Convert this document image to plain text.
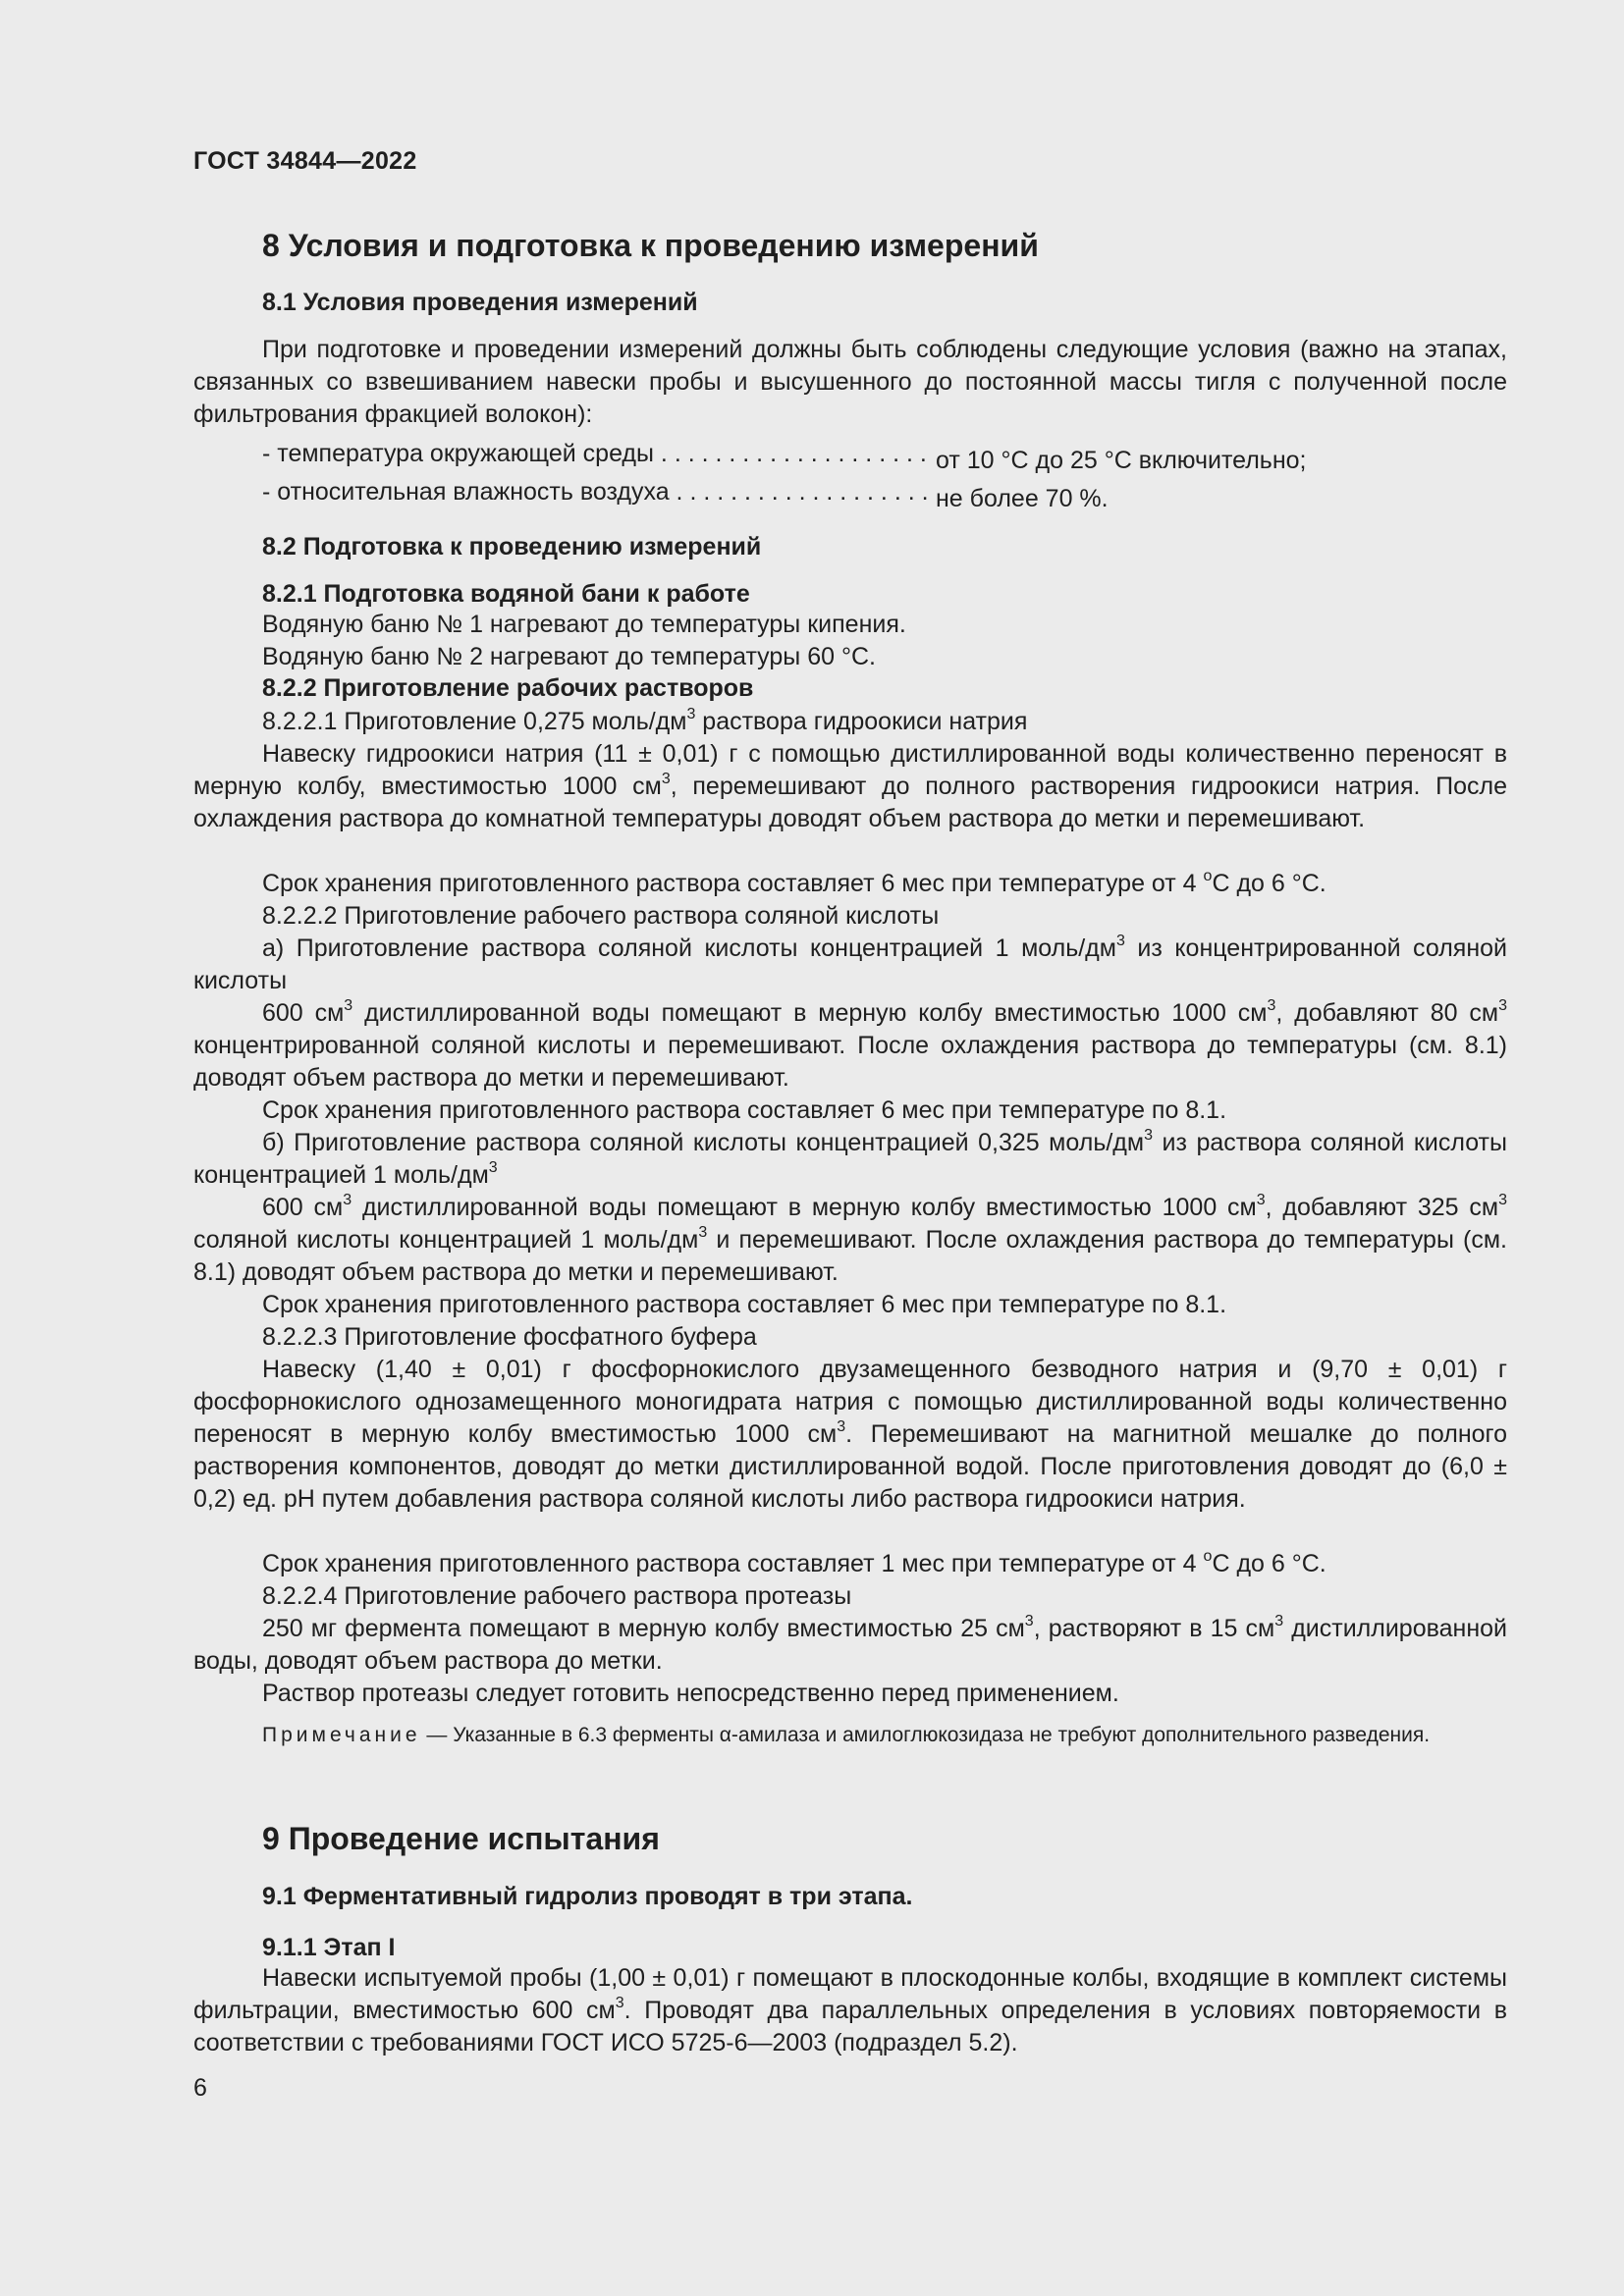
ГОСТ 34844—2022
8 Условия и подготовка к проведению измерений
8.1 Условия проведения измерений
При подготовке и проведении измерений должны быть соблюдены следующие условия (важно на этапах, связанных со взвешиванием навески пробы и высушенного до постоянной массы тигля с полученной после фильтрования фракцией волокон):
- температура окружающей среды . . .	от 10 °С до 25 °С включительно;
- относительная влажность воздуха . . .	не более 70 %.
8.2 Подготовка к проведению измерений
8.2.1 Подготовка водяной бани к работе
Водяную баню № 1 нагревают до температуры кипения.
Водяную баню № 2 нагревают до температуры 60 °С.
8.2.2 Приготовление рабочих растворов
8.2.2.1 Приготовление 0,275 моль/$дм^3$ раствора гидроокиси натрия
Навеску гидроокиси натрия (11 ± 0,01) г с помощью дистиллированной воды количественно переносят в мерную колбу, вместимостью 1000 $см^3$, перемешивают до полного растворения гидроокиси натрия. После охлаждения раствора до комнатной температуры доводят объем раствора до метки и перемешивают.
Срок хранения приготовленного раствора составляет 6 мес при температуре от 4 $^о$С до 6 °С.
8.2.2.2 Приготовление рабочего раствора соляной кислоты
а) Приготовление раствора соляной кислоты концентрацией 1 моль/$дм^3$ из концентрированной соляной кислоты
600 $см^3$ дистиллированной воды помещают в мерную колбу вместимостью 1000 $см^3$, добавляют 80 $см^3$ концентрированной соляной кислоты и перемешивают. После охлаждения раствора до температуры (см. 8.1) доводят объем раствора до метки и перемешивают.
Срок хранения приготовленного раствора составляет 6 мес при температуре по 8.1.
б) Приготовление раствора соляной кислоты концентрацией 0,325 моль/$дм^3$ из раствора соляной кислоты концентрацией 1 моль/$дм^3$
600 $см^3$ дистиллированной воды помещают в мерную колбу вместимостью 1000 $см^3$, добавляют 325 $см^3$ соляной кислоты концентрацией 1 моль/$дм^3$ и перемешивают. После охлаждения раствора до температуры (см. 8.1) доводят объем раствора до метки и перемешивают.
Срок хранения приготовленного раствора составляет 6 мес при температуре по 8.1.
8.2.2.3 Приготовление фосфатного буфера
Навеску (1,40 ± 0,01) г фосфорнокислого двузамещенного безводного натрия и (9,70 ± 0,01) г фосфорнокислого однозамещенного моногидрата натрия с помощью дистиллированной воды количественно переносят в мерную колбу вместимостью 1000 $см^3$. Перемешивают на магнитной мешалке до полного растворения компонентов, доводят до метки дистиллированной водой. После приготовления доводят до (6,0 ± 0,2) ед. pH путем добавления раствора соляной кислоты либо раствора гидроокиси натрия.
Срок хранения приготовленного раствора составляет 1 мес при температуре от 4 $^о$С до 6 °С.
8.2.2.4 Приготовление рабочего раствора протеазы
250 мг фермента помещают в мерную колбу вместимостью 25 $см^3$, растворяют в 15 $см^3$ дистиллированной воды, доводят объем раствора до метки.
Раствор протеазы следует готовить непосредственно перед применением.
Примечание — Указанные в 6.3 ферменты α-амилаза и амилоглюкозидаза не требуют дополнительного разведения.
9 Проведение испытания
9.1 Ферментативный гидролиз проводят в три этапа.
9.1.1 Этап I
Навески испытуемой пробы (1,00 ± 0,01) г помещают в плоскодонные колбы, входящие в комплект системы фильтрации, вместимостью 600 $см^3$. Проводят два параллельных определения в условиях повторяемости в соответствии с требованиями ГОСТ ИСО 5725-6—2003 (подраздел 5.2).
6
